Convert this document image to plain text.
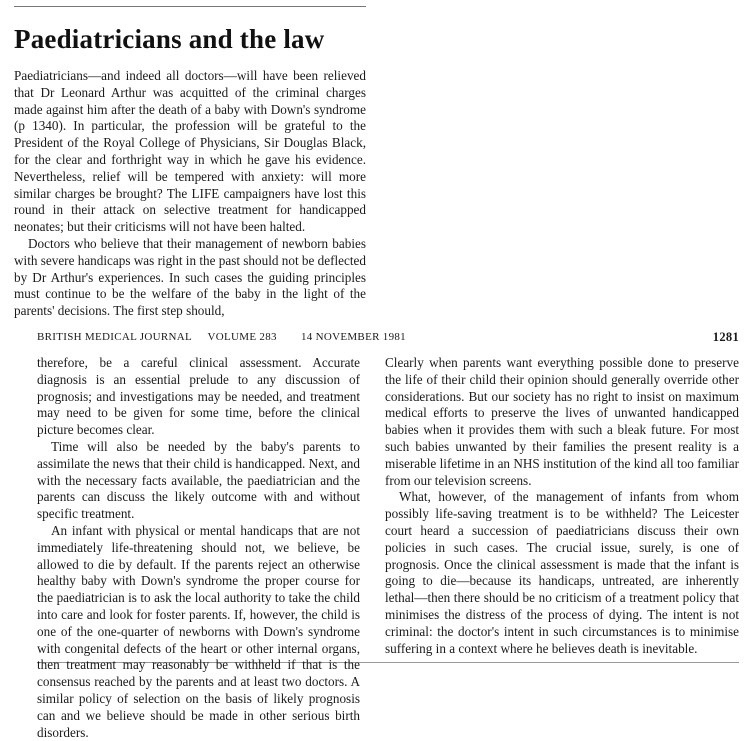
Paediatricians and the law

Paediatricians—and indeed all doctors—will have been relieved that Dr Leonard Arthur was acquitted of the criminal charges made against him after the death of a baby with Down's syndrome (p 1340). In particular, the profession will be grateful to the President of the Royal College of Physicians, Sir Douglas Black, for the clear and forthright way in which he gave his evidence. Nevertheless, relief will be tempered with anxiety: will more similar charges be brought? The LIFE campaigners have lost this round in their attack on selective treatment for handicapped neonates; but their criticisms will not have been halted.

Doctors who believe that their management of newborn babies with severe handicaps was right in the past should not be deflected by Dr Arthur's experiences. In such cases the guiding principles must continue to be the welfare of the baby in the light of the parents' decisions. The first step should,

BRITISH MEDICAL JOURNAL VOLUME 283 14 NOVEMBER 1981	1281

therefore, be a careful clinical assessment. Accurate diagnosis is an essential prelude to any discussion of prognosis; and investigations may be needed, and treatment may need to be given for some time, before the clinical picture becomes clear.

Time will also be needed by the baby's parents to assimilate the news that their child is handicapped. Next, and with the necessary facts available, the paediatrician and the parents can discuss the likely outcome with and without specific treatment.

An infant with physical or mental handicaps that are not immediately life-threatening should not, we believe, be allowed to die by default. If the parents reject an otherwise healthy baby with Down's syndrome the proper course for the paediatrician is to ask the local authority to take the child into care and look for foster parents. If, however, the child is one of the one-quarter of newborns with Down's syndrome with congenital defects of the heart or other internal organs, then treatment may reasonably be withheld if that is the consensus reached by the parents and at least two doctors. A similar policy of selection on the basis of likely prognosis can and we believe should be made in other serious birth disorders.

Clearly when parents want everything possible done to preserve the life of their child their opinion should generally override other considerations. But our society has no right to insist on maximum medical efforts to preserve the lives of unwanted handicapped babies when it provides them with such a bleak future. For most such babies unwanted by their families the present reality is a miserable lifetime in an NHS institution of the kind all too familiar from our television screens.

What, however, of the management of infants from whom possibly life-saving treatment is to be withheld? The Leicester court heard a succession of paediatricians discuss their own policies in such cases. The crucial issue, surely, is one of prognosis. Once the clinical assessment is made that the infant is going to die—because its handicaps, untreated, are inherently lethal—then there should be no criticism of a treatment policy that minimises the distress of the process of dying. The intent is not criminal: the doctor's intent in such circumstances is to minimise suffering in a context where he believes death is inevitable.
